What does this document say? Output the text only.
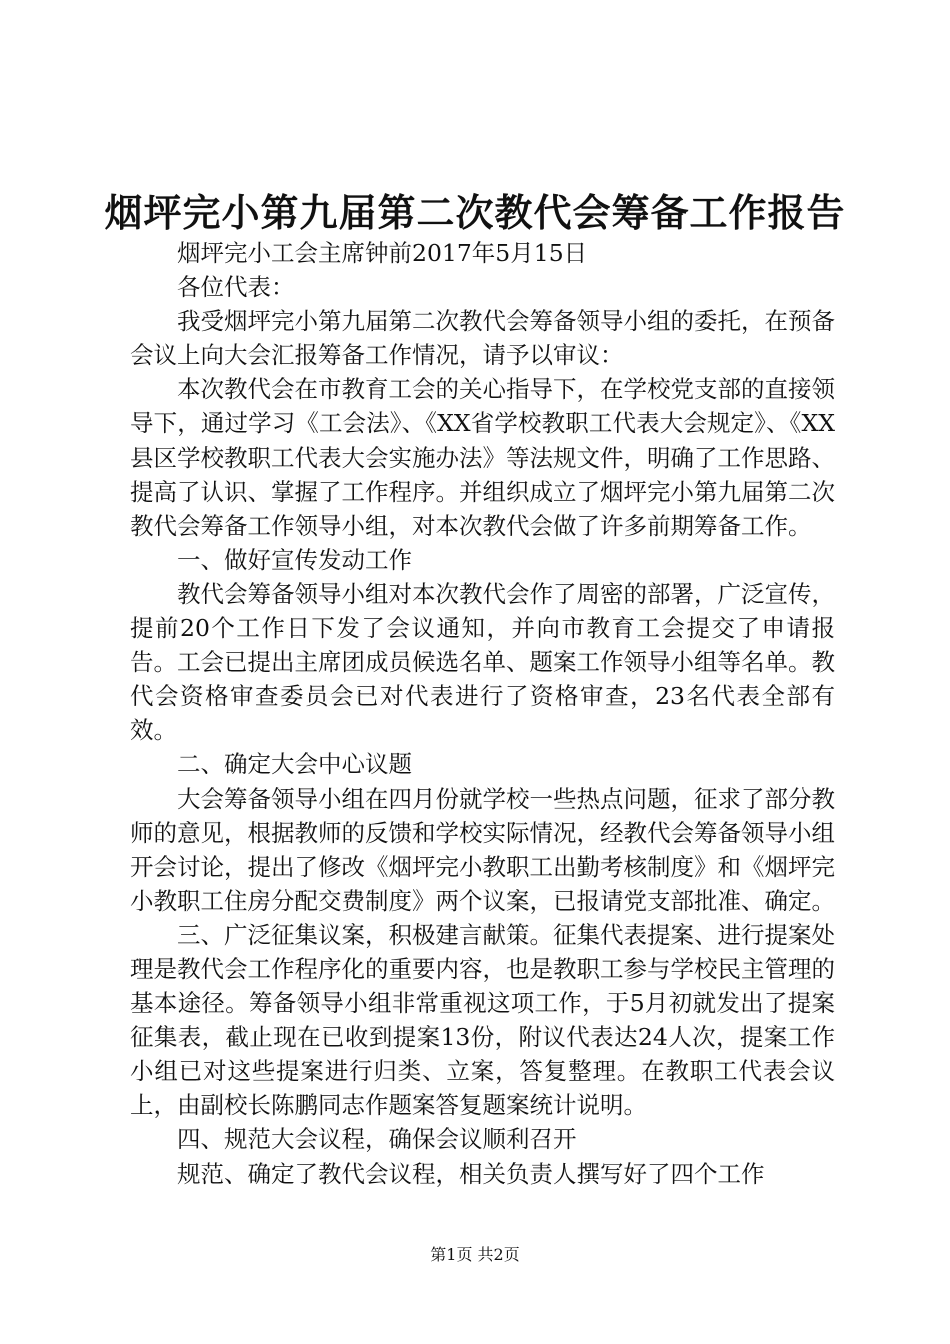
烟坪完小第九届第二次教代会筹备工作报告

烟坪完小工会主席钟前2017年5月15日

各位代表：

我受烟坪完小第九届第二次教代会筹备领导小组的委托，在预备会议上向大会汇报筹备工作情况，请予以审议：

本次教代会在市教育工会的关心指导下，在学校党支部的直接领导下，通过学习《工会法》、《XX省学校教职工代表大会规定》、《XX县区学校教职工代表大会实施办法》等法规文件，明确了工作思路、提高了认识、掌握了工作程序。并组织成立了烟坪完小第九届第二次教代会筹备工作领导小组，对本次教代会做了许多前期筹备工作。

一、做好宣传发动工作

教代会筹备领导小组对本次教代会作了周密的部署，广泛宣传，提前20个工作日下发了会议通知，并向市教育工会提交了申请报告。工会已提出主席团成员候选名单、题案工作领导小组等名单。教代会资格审查委员会已对代表进行了资格审查，23名代表全部有效。

二、确定大会中心议题

大会筹备领导小组在四月份就学校一些热点问题，征求了部分教师的意见，根据教师的反馈和学校实际情况，经教代会筹备领导小组开会讨论，提出了修改《烟坪完小教职工出勤考核制度》和《烟坪完小教职工住房分配交费制度》两个议案，已报请党支部批准、确定。

三、广泛征集议案，积极建言献策。征集代表提案、进行提案处理是教代会工作程序化的重要内容，也是教职工参与学校民主管理的基本途径。筹备领导小组非常重视这项工作，于5月初就发出了提案征集表，截止现在已收到提案13份，附议代表达24人次，提案工作小组已对这些提案进行归类、立案，答复整理。在教职工代表会议上，由副校长陈鹏同志作题案答复题案统计说明。

四、规范大会议程，确保会议顺利召开

规范、确定了教代会议程，相关负责人撰写好了四个工作

第1页 共2页
